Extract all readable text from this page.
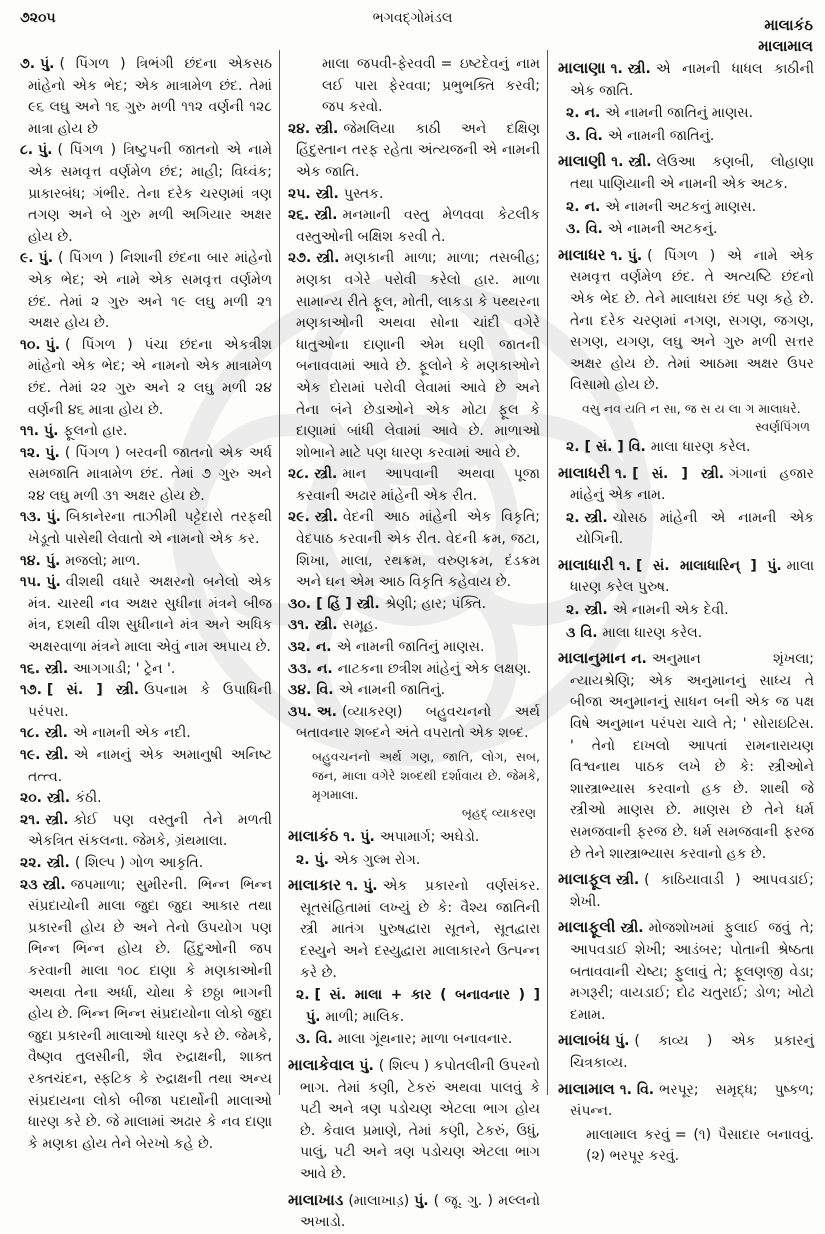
૭૨૦૫	ભગવદ્ગોમંડલ	માલાકંઠ
માલામાલ

૭. પું. ( પિંગળ ) ત્રિભંગી છંદના એકસઠ માંહેનો એક ભેદ; એક માત્રામેળ છંદ. તેમાં ૯૬ લઘુ અને ૧૬ ગુરુ મળી ૧૧૨ વર્ણની ૧૨૮ માત્રા હોય છે

૮. પું. ( પિંગળ ) ત્રિષ્ટુપની જાતનો એ નામે એક સમવૃત્ત વર્ણમેળ છંદ; માહી; વિધ્વંક; પ્રાકારબંધ; ગંભીર. તેના દરેક ચરણમાં ત્રણ તગણ અને બે ગુરુ મળી અગિયાર અક્ષર હોય છે.

૯. પું. ( પિંગળ ) નિશાની છંદના બાર માંહેનો એક ભેદ; એ નામે એક સમવૃત્ત વર્ણમેળ છંદ. તેમાં ૨ ગુરુ અને ૧૯ લઘુ મળી ૨૧ અક્ષર હોય છે.

૧૦. પું. ( પિંગળ ) પંચા છંદના એકત્રીશ માંહેનો એક ભેદ; એ નામનો એક માત્રામેળ છંદ. તેમાં ૨૨ ગુરુ અને ૨ લઘુ મળી ૨૪ વર્ણની ૪૬ માત્રા હોય છે.

૧૧. પું. ફૂલનો હાર.

૧૨. પું. ( પિંગળ ) બરવની જાતનો એક અર્ધ સમજાતિ માત્રામેળ છંદ. તેમાં ૭ ગુરુ અને ૨૪ લઘુ મળી ૩૧ અક્ષર હોય છે.

૧૩. પું. બિકાનેરના તાઝીમી પટ્ટેદારો તરફથી ખેડૂતો પાસેથી લેવાતો એ નામનો એક કર.

૧૪. પું. મજલો; માળ.

૧૫. પું. વીશથી વધારે અક્ષરનો બનેલો એક મંત્ર. ચારથી નવ અક્ષર સુધીના મંત્રને બીજ મંત્ર, દશથી વીશ સુધીનાને મંત્ર અને અધિક અક્ષરવાળા મંત્રને માલા એવું નામ અપાય છે.

૧૬. સ્ત્રી. આગગાડી; ' ટ્રેન '.

૧૭. [ સં. ] સ્ત્રી. ઉપનામ કે ઉપાધિની પરંપરા.

૧૮. સ્ત્રી. એ નામની એક નદી.

૧૯. સ્ત્રી. એ નામનું એક અમાનુષી અનિષ્ટ તત્ત્વ.

૨૦. સ્ત્રી. કંઠી.

૨૧. સ્ત્રી. કોઈ પણ વસ્તુની તેને મળતી એકત્રિત સંકલના. જેમકે, ગ્રંથમાલા.

૨૨. સ્ત્રી. ( શિલ્પ ) ગોળ આકૃતિ.

૨૩ સ્ત્રી. જપમાળા; સુમીરની. ભિન્ન ભિન્ન સંપ્રદાયોની માલા જુદા જુદા આકાર તથા પ્રકારની હોય છે અને તેનો ઉપયોગ પણ ભિન્ન ભિન્ન હોય છે. હિંદુઓની જપ કરવાની માલા ૧૦૮ દાણા કે મણકાઓની અથવા તેના અર્ધા, ચોથા કે છઠ્ઠા ભાગની હોય છે. ભિન્ન ભિન્ન સંપ્રદાયોના લોકો જુદા જુદા પ્રકારની માલાઓ ધારણ કરે છે. જેમકે, વૈષ્ણવ તુલસીની, શૈવ રુદ્રાક્ષની, શાક્ત રક્તચંદન, સ્ફટિક કે રુદ્રાક્ષની તથા અન્ય સંપ્રદાયના લોકો બીજા પદાર્થોની માલાઓ ધારણ કરે છે. જે માલામાં અઢાર કે નવ દાણા કે મણકા હોય તેને બેરખો કહે છે.

માલા જપવી-ફેરવવી = ઇષ્ટદેવનું નામ લઈ પારા ફેરવવા; પ્રભુભક્તિ કરવી; જપ કરવો.

૨૪. સ્ત્રી. જેમલિયા કાઠી અને દક્ષિણ હિંદુસ્તાન તરફ રહેતા અંત્યજની એ નામની એક જાતિ.

૨૫. સ્ત્રી. પુસ્તક.

૨૬. સ્ત્રી. મનમાની વસ્તુ મેળવવા કેટલીક વસ્તુઓની બક્ષિશ કરવી તે.

૨૭. સ્ત્રી. મણકાની માળા; માળા; તસબીહ; મણકા વગેરે પરોવી કરેલો હાર. માળા સામાન્ય રીતે ફૂલ, મોતી, લાકડા કે પથ્થરના મણકાઓની અથવા સોના ચાંદી વગેરે ધાતુઓના દાણાની એમ ઘણી જાતની બનાવવામાં આવે છે. ફૂલોને કે મણકાઓને એક દોરામાં પરોવી લેવામાં આવે છે અને તેના બંને છેડાઓને એક મોટા ફૂલ કે દાણામાં બાંધી લેવામાં આવે છે. માળાઓ શોભાને માટે પણ ધારણ કરવામાં આવે છે.

૨૮. સ્ત્રી. માન આપવાની અથવા પૂજા કરવાની અઢાર માંહેની એક રીત.

૨૯. સ્ત્રી. વેદની આઠ માંહેની એક વિકૃતિ; વેદપાઠ કરવાની એક રીત. વેદની ક્રમ, જટા, શિખા, માલા, રથક્રમ, વરુણક્રમ, દંડક્રમ અને ઘન એમ આઠ વિકૃતિ કહેવાય છે.

૩૦. [ હિં ] સ્ત્રી. શ્રેણી; હાર; પંક્તિ.

૩૧. સ્ત્રી. સમૂહ.

૩૨. ન. એ નામની જાતિનું માણસ.

૩૩. ન. નાટકના છત્રીશ માંહેનું એક લક્ષણ.

૩૪. વિ. એ નામની જાતિનું.

૩૫. અ. (વ્યાકરણ) બહુવચનનો અર્થ બતાવનાર શબ્દને અંતે વપરાતો એક શબ્દ.

બહુવચનનો અર્થ ગણ, જાતિ, લોગ, સબ, જન, માલા વગેરે શબ્દથી દર્શાવાય છે. જેમકે, મૃગમાલા.
બૃહદ્ વ્યાકરણ

માલાકંઠ ૧. પું. અપામાર્ગ; અઘેડો.

૨. પું. એક ગુલ્મ રોગ.

માલાકાર ૧. પું. એક પ્રકારનો વર્ણસંકર. સૂતસંહિતામાં લખ્યું છે કે: વૈશ્ય જાતિની સ્ત્રી માતંગ પુરુષદ્વારા સૂતને, સૂતદ્વારા દસ્યુને અને દસ્યુદ્વારા માલાકારને ઉત્પન્ન કરે છે.

૨. [ સં. માલા + કાર ( બનાવનાર ) ] પું. માળી; માલિક.

૩. વિ. માલા ગૂંથનાર; માળા બનાવનાર.

માલાકેવાલ પું. ( શિલ્પ ) કપોતલીની ઉપરનો ભાગ. તેમાં કણી, ટેકરું અથવા પાલવું કે પટી અને ત્રણ પડોચણ એટલા ભાગ હોય છે. કેવાલ પ્રમાણે, તેમાં કણી, ટેકરું, ઉધું, પાલું, પટી અને ત્રણ પડોચણ એટલા ભાગ આવે છે.

માલાખાડ (માલાખાડ઼) પું. ( જૂ. ગુ. ) મલ્લનો અખાડો.

માલાણા ૧. સ્ત્રી. એ નામની ધાધલ કાઠીની એક જાતિ.

૨. ન. એ નામની જાતિનું માણસ.

૩. વિ. એ નામની જાતિનું.

માલાણી ૧. સ્ત્રી. લેઉઆ કણબી, લોહાણા તથા પાણિયાની એ નામની એક અટક.

૨. ન. એ નામની અટકનું માણસ.

૩. વિ. એ નામની અટકનું.

માલાધર ૧. પું. ( પિંગળ ) એ નામે એક સમવૃત્ત વર્ણમેળ છંદ. તે અત્યષ્ટિ છંદનો એક ભેદ છે. તેને માલાધરા છંદ પણ કહે છે. તેના દરેક ચરણમાં નગણ, સગણ, જગણ, સગણ, યગણ, લઘુ અને ગુરુ મળી સત્તર અક્ષર હોય છે. તેમાં આઠમા અક્ષર ઉપર વિસામો હોય છે.

વસુ નવ યતિ ન સા, જ સ ય લા ગ માલાધરે.
સ્વર્ણપિંગળ

૨. [ સં. ] વિ. માલા ધારણ કરેલ.

માલાધરી ૧. [ સં. ] સ્ત્રી. ગંગાનાં હજાર માંહેનું એક નામ.

૨. સ્ત્રી. ચોસઠ માંહેની એ નામની એક યોગિની.

માલાધારી ૧. [ સં. માલાધારિન્ ] પું. માલા ધારણ કરેલ પુરુષ.

૨. સ્ત્રી. એ નામની એક દેવી.

૩ વિ. માલા ધારણ કરેલ.

માલાનુમાન ન. અનુમાન શૃંખલા; ન્યાયશ્રેણિ; એક અનુમાનનું સાધ્ય તે બીજા અનુમાનનું સાધન બની એક જ પક્ષ વિષે અનુમાન પરંપરા ચાલે તે; ' સોરાઇટિસ. ' તેનો દાખલો આપતાં રામનારાયણ વિશ્વનાથ પાઠક લખે છે કે: સ્ત્રીઓને શાસ્ત્રાભ્યાસ કરવાનો હક છે. શાથી જે સ્ત્રીઓ માણસ છે. માણસ છે તેને ધર્મ સમજવાની ફરજ છે. ધર્મ સમજવાની ફરજ છે તેને શાસ્ત્રાભ્યાસ કરવાનો હક છે.

માલાફૂલ સ્ત્રી. ( કાઠિયાવાડી ) આપવડાઈ; શેખી.

માલાફૂલી સ્ત્રી. મોજશોખમાં ફુલાઈ જવું તે; આપવડાઈ શેખી; આડંબર; પોતાની શ્રેષ્ઠતા બતાવવાની ચેષ્ટા; ફુલાવું તે; ફૂલણજી વેડા; મગરૂરી; વાયડાઈ; દોઢ ચતુરાઈ; ડોળ; ખોટો દમામ.

માલાબંધ પું. ( કાવ્ય ) એક પ્રકારનું ચિત્રકાવ્ય.

માલામાલ ૧. વિ. ભરપૂર; સમૃદ્ધ; પુષ્કળ; સંપન્ન.

માલામાલ કરવું = (૧) પૈસાદાર બનાવવું. (૨) ભરપૂર કરવું.
